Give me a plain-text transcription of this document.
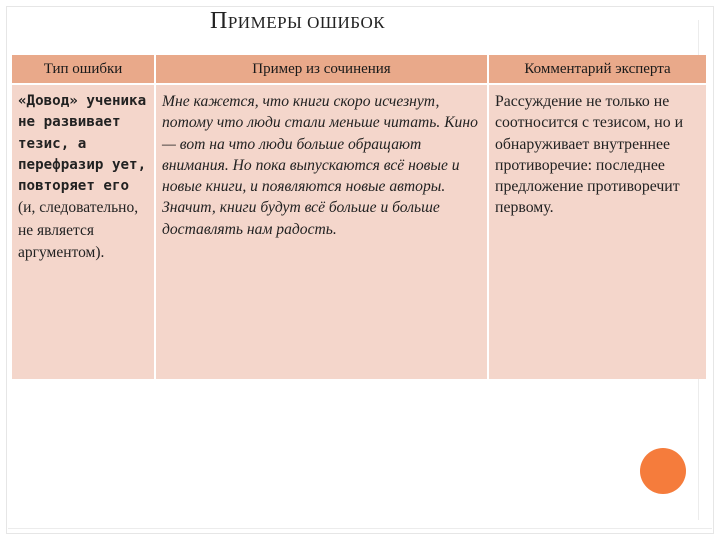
ПРИМЕРЫ ОШИБОК
Тип ошибки	Пример из сочинения	Комментарий эксперта
«Довод» ученика не развивает тезис, а перефразир ует, повторяет его (и, следовательно, не является аргументом).	Мне кажется, что книги скоро исчезнут, потому что люди стали меньше читать. Кино — вот на что люди больше обращают внимания. Но пока выпускаются всё новые и новые книги, и появляются новые авторы. Значит, книги будут всё больше и больше доставлять нам радость.	Рассуждение не только не соотносится с тезисом, но и обнаруживает внутреннее противоречие: последнее предложение противоречит первому.
